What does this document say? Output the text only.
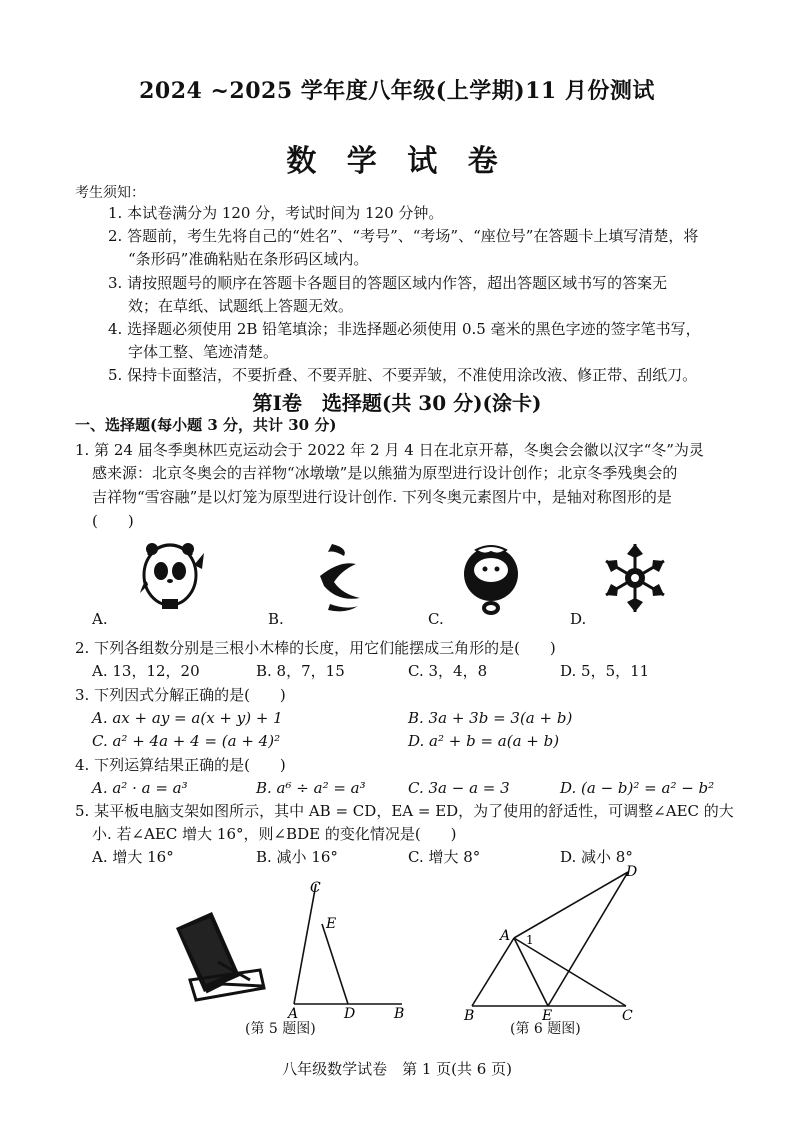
2024 ~2025 学年度八年级(上学期)11 月份测试
数 学 试 卷
考生须知：
1. 本试卷满分为 120 分，考试时间为 120 分钟。
2. 答题前，考生先将自己的“姓名”、“考号”、“考场”、“座位号”在答题卡上填写清楚，将
“条形码”准确粘贴在条形码区域内。
3. 请按照题号的顺序在答题卡各题目的答题区域内作答，超出答题区域书写的答案无
效；在草纸、试题纸上答题无效。
4. 选择题必须使用 2B 铅笔填涂；非选择题必须使用 0.5 毫米的黑色字迹的签字笔书写，
字体工整、笔迹清楚。
5. 保持卡面整洁，不要折叠、不要弄脏、不要弄皱，不准使用涂改液、修正带、刮纸刀。
第Ⅰ卷　选择题(共 30 分)(涂卡)
一、选择题(每小题 3 分，共计 30 分)
1. 第 24 届冬季奥林匹克运动会于 2022 年 2 月 4 日在北京开幕，冬奥会会徽以汉字“冬”为灵
感来源：北京冬奥会的吉祥物“冰墩墩”是以熊猫为原型进行设计创作；北京冬季残奥会的
吉祥物“雪容融”是以灯笼为原型进行设计创作. 下列冬奥元素图片中，是轴对称图形的是
(　　)
A.	B.	C.	D.
2. 下列各组数分别是三根小木棒的长度，用它们能摆成三角形的是(　　)
A. 13，12，20	B. 8，7，15	C. 3，4，8	D. 5，5，11
3. 下列因式分解正确的是(　　)
A. ax + ay = a(x + y) + 1	B. 3a + 3b = 3(a + b)
C. a² + 4a + 4 = (a + 4)²	D. a² + b = a(a + b)
4. 下列运算结果正确的是(　　)
A. a² · a = a³	B. a⁶ ÷ a² = a³	C. 3a − a = 3	D. (a − b)² = a² − b²
5. 某平板电脑支架如图所示，其中 AB = CD，EA = ED，为了使用的舒适性，可调整∠AEC 的大
小. 若∠AEC 增大 16°，则∠BDE 的变化情况是(　　)
A. 增大 16°	B. 减小 16°	C. 增大 8°	D. 减小 8°
C
E
A	D	B
(第 5 题图)
D
A 1
B	E	C
(第 6 题图)
八年级数学试卷　第 1 页(共 6 页)
